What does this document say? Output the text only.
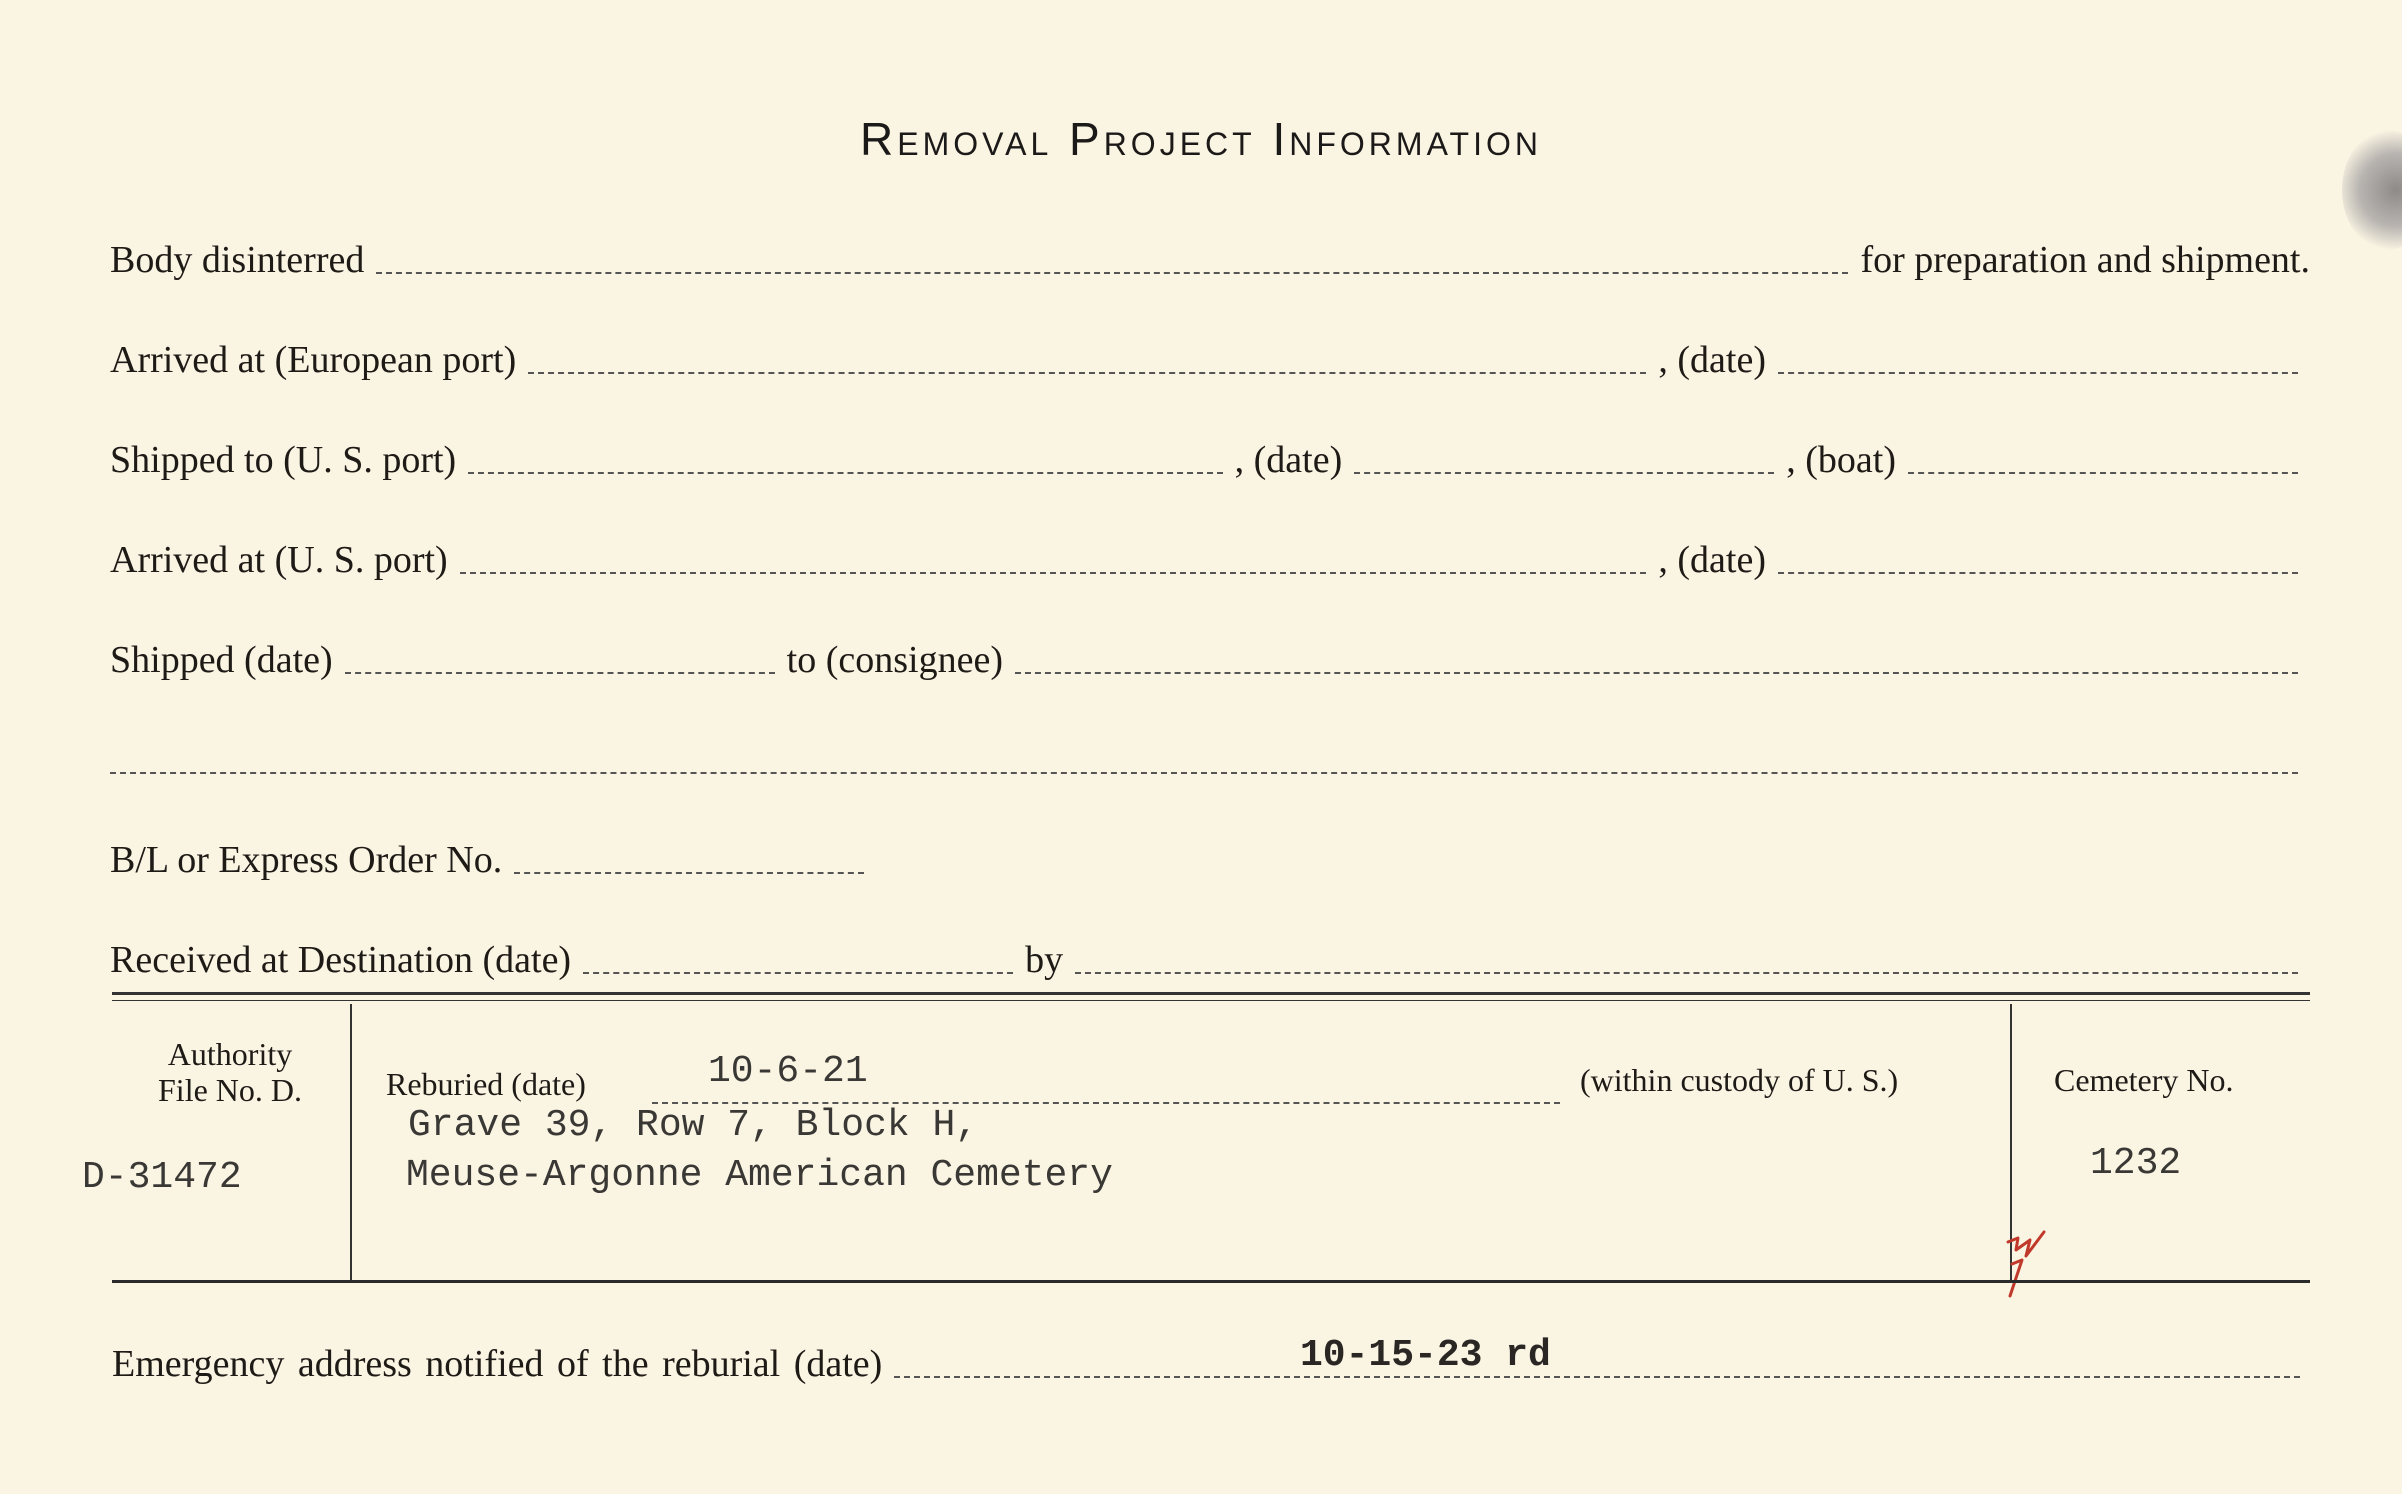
Removal Project Information
Body disinterred	for preparation and shipment.
Arrived at (European port)	, (date)
Shipped to (U. S. port)	, (date)	, (boat)
Arrived at (U. S. port)	, (date)
Shipped (date)	to (consignee)
B/L or Express Order No.
Received at Destination (date)	by
Authority
File No. D.
D-31472
Reburied (date)	10-6-21	(within custody of U. S.)
Grave 39, Row 7, Block H,
Meuse-Argonne American Cemetery
Cemetery No.
1232
Emergency address notified of the reburial (date)	10-15-23 rd
